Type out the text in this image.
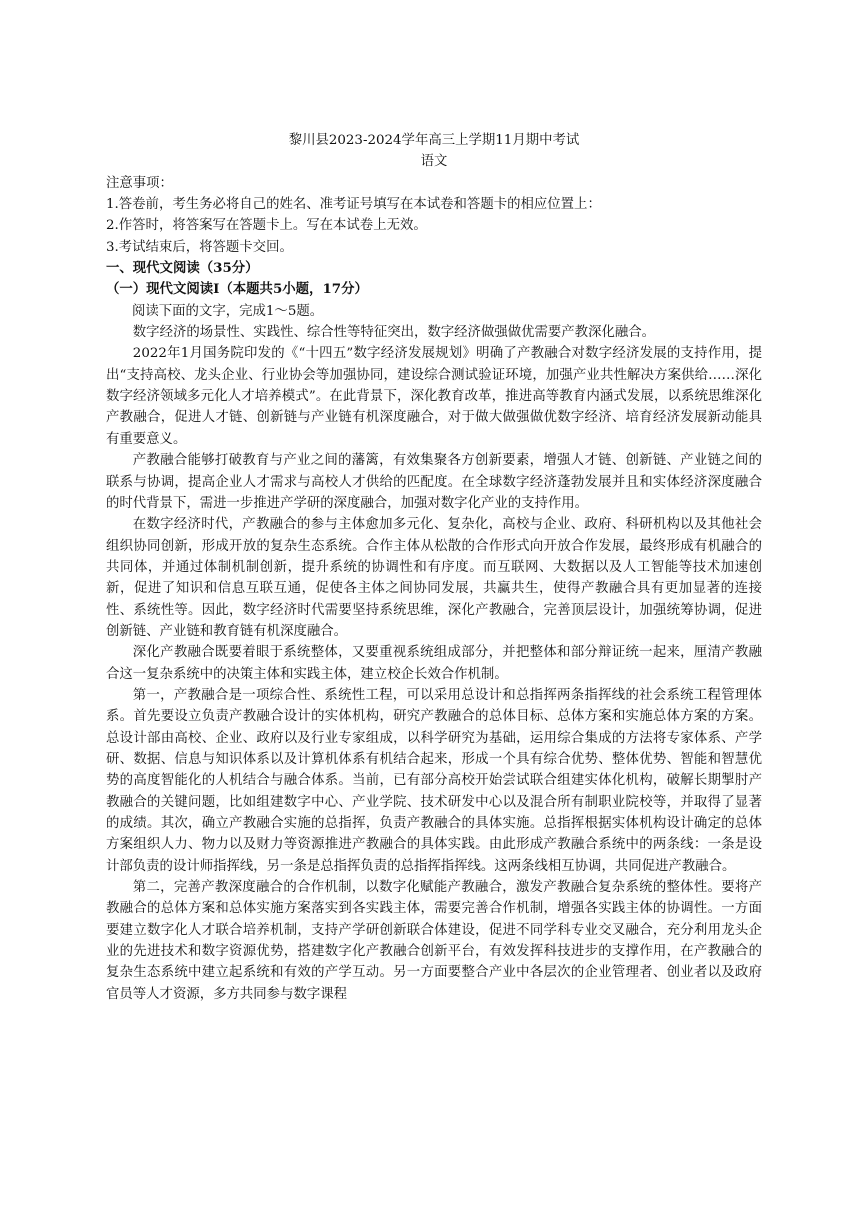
黎川县2023-2024学年高三上学期11月期中考试

语文

注意事项：

1.答卷前，考生务必将自己的姓名、准考证号填写在本试卷和答题卡的相应位置上：

2.作答时，将答案写在答题卡上。写在本试卷上无效。

3.考试结束后，将答题卡交回。

一、现代文阅读（35分）

（一）现代文阅读Ⅰ（本题共5小题，17分）

阅读下面的文字，完成1～5题。

数字经济的场景性、实践性、综合性等特征突出，数字经济做强做优需要产教深化融合。

2022年1月国务院印发的《“十四五”数字经济发展规划》明确了产教融合对数字经济发展的支持作用，提出“支持高校、龙头企业、行业协会等加强协同，建设综合测试验证环境，加强产业共性解决方案供给……深化数字经济领域多元化人才培养模式”。在此背景下，深化教育改革，推进高等教育内涵式发展，以系统思维深化产教融合，促进人才链、创新链与产业链有机深度融合，对于做大做强做优数字经济、培育经济发展新动能具有重要意义。

产教融合能够打破教育与产业之间的藩篱，有效集聚各方创新要素，增强人才链、创新链、产业链之间的联系与协调，提高企业人才需求与高校人才供给的匹配度。在全球数字经济蓬勃发展并且和实体经济深度融合的时代背景下，需进一步推进产学研的深度融合，加强对数字化产业的支持作用。

在数字经济时代，产教融合的参与主体愈加多元化、复杂化，高校与企业、政府、科研机构以及其他社会组织协同创新，形成开放的复杂生态系统。合作主体从松散的合作形式向开放合作发展，最终形成有机融合的共同体，并通过体制机制创新，提升系统的协调性和有序度。而互联网、大数据以及人工智能等技术加速创新，促进了知识和信息互联互通，促使各主体之间协同发展，共赢共生，使得产教融合具有更加显著的连接性、系统性等。因此，数字经济时代需要坚持系统思维，深化产教融合，完善顶层设计，加强统筹协调，促进创新链、产业链和教育链有机深度融合。

深化产教融合既要着眼于系统整体，又要重视系统组成部分，并把整体和部分辩证统一起来，厘清产教融合这一复杂系统中的决策主体和实践主体，建立校企长效合作机制。

第一，产教融合是一项综合性、系统性工程，可以采用总设计和总指挥两条指挥线的社会系统工程管理体系。首先要设立负责产教融合设计的实体机构，研究产教融合的总体目标、总体方案和实施总体方案的方案。总设计部由高校、企业、政府以及行业专家组成，以科学研究为基础，运用综合集成的方法将专家体系、产学研、数据、信息与知识体系以及计算机体系有机结合起来，形成一个具有综合优势、整体优势、智能和智慧优势的高度智能化的人机结合与融合体系。当前，已有部分高校开始尝试联合组建实体化机构，破解长期掣肘产教融合的关键问题，比如组建数字中心、产业学院、技术研发中心以及混合所有制职业院校等，并取得了显著的成绩。其次，确立产教融合实施的总指挥，负责产教融合的具体实施。总指挥根据实体机构设计确定的总体方案组织人力、物力以及财力等资源推进产教融合的具体实践。由此形成产教融合系统中的两条线：一条是设计部负责的设计师指挥线，另一条是总指挥负责的总指挥指挥线。这两条线相互协调，共同促进产教融合。

第二，完善产教深度融合的合作机制，以数字化赋能产教融合，激发产教融合复杂系统的整体性。要将产教融合的总体方案和总体实施方案落实到各实践主体，需要完善合作机制，增强各实践主体的协调性。一方面要建立数字化人才联合培养机制，支持产学研创新联合体建设，促进不同学科专业交叉融合，充分利用龙头企业的先进技术和数字资源优势，搭建数字化产教融合创新平台，有效发挥科技进步的支撑作用，在产教融合的复杂生态系统中建立起系统和有效的产学互动。另一方面要整合产业中各层次的企业管理者、创业者以及政府官员等人才资源，多方共同参与数字课程
